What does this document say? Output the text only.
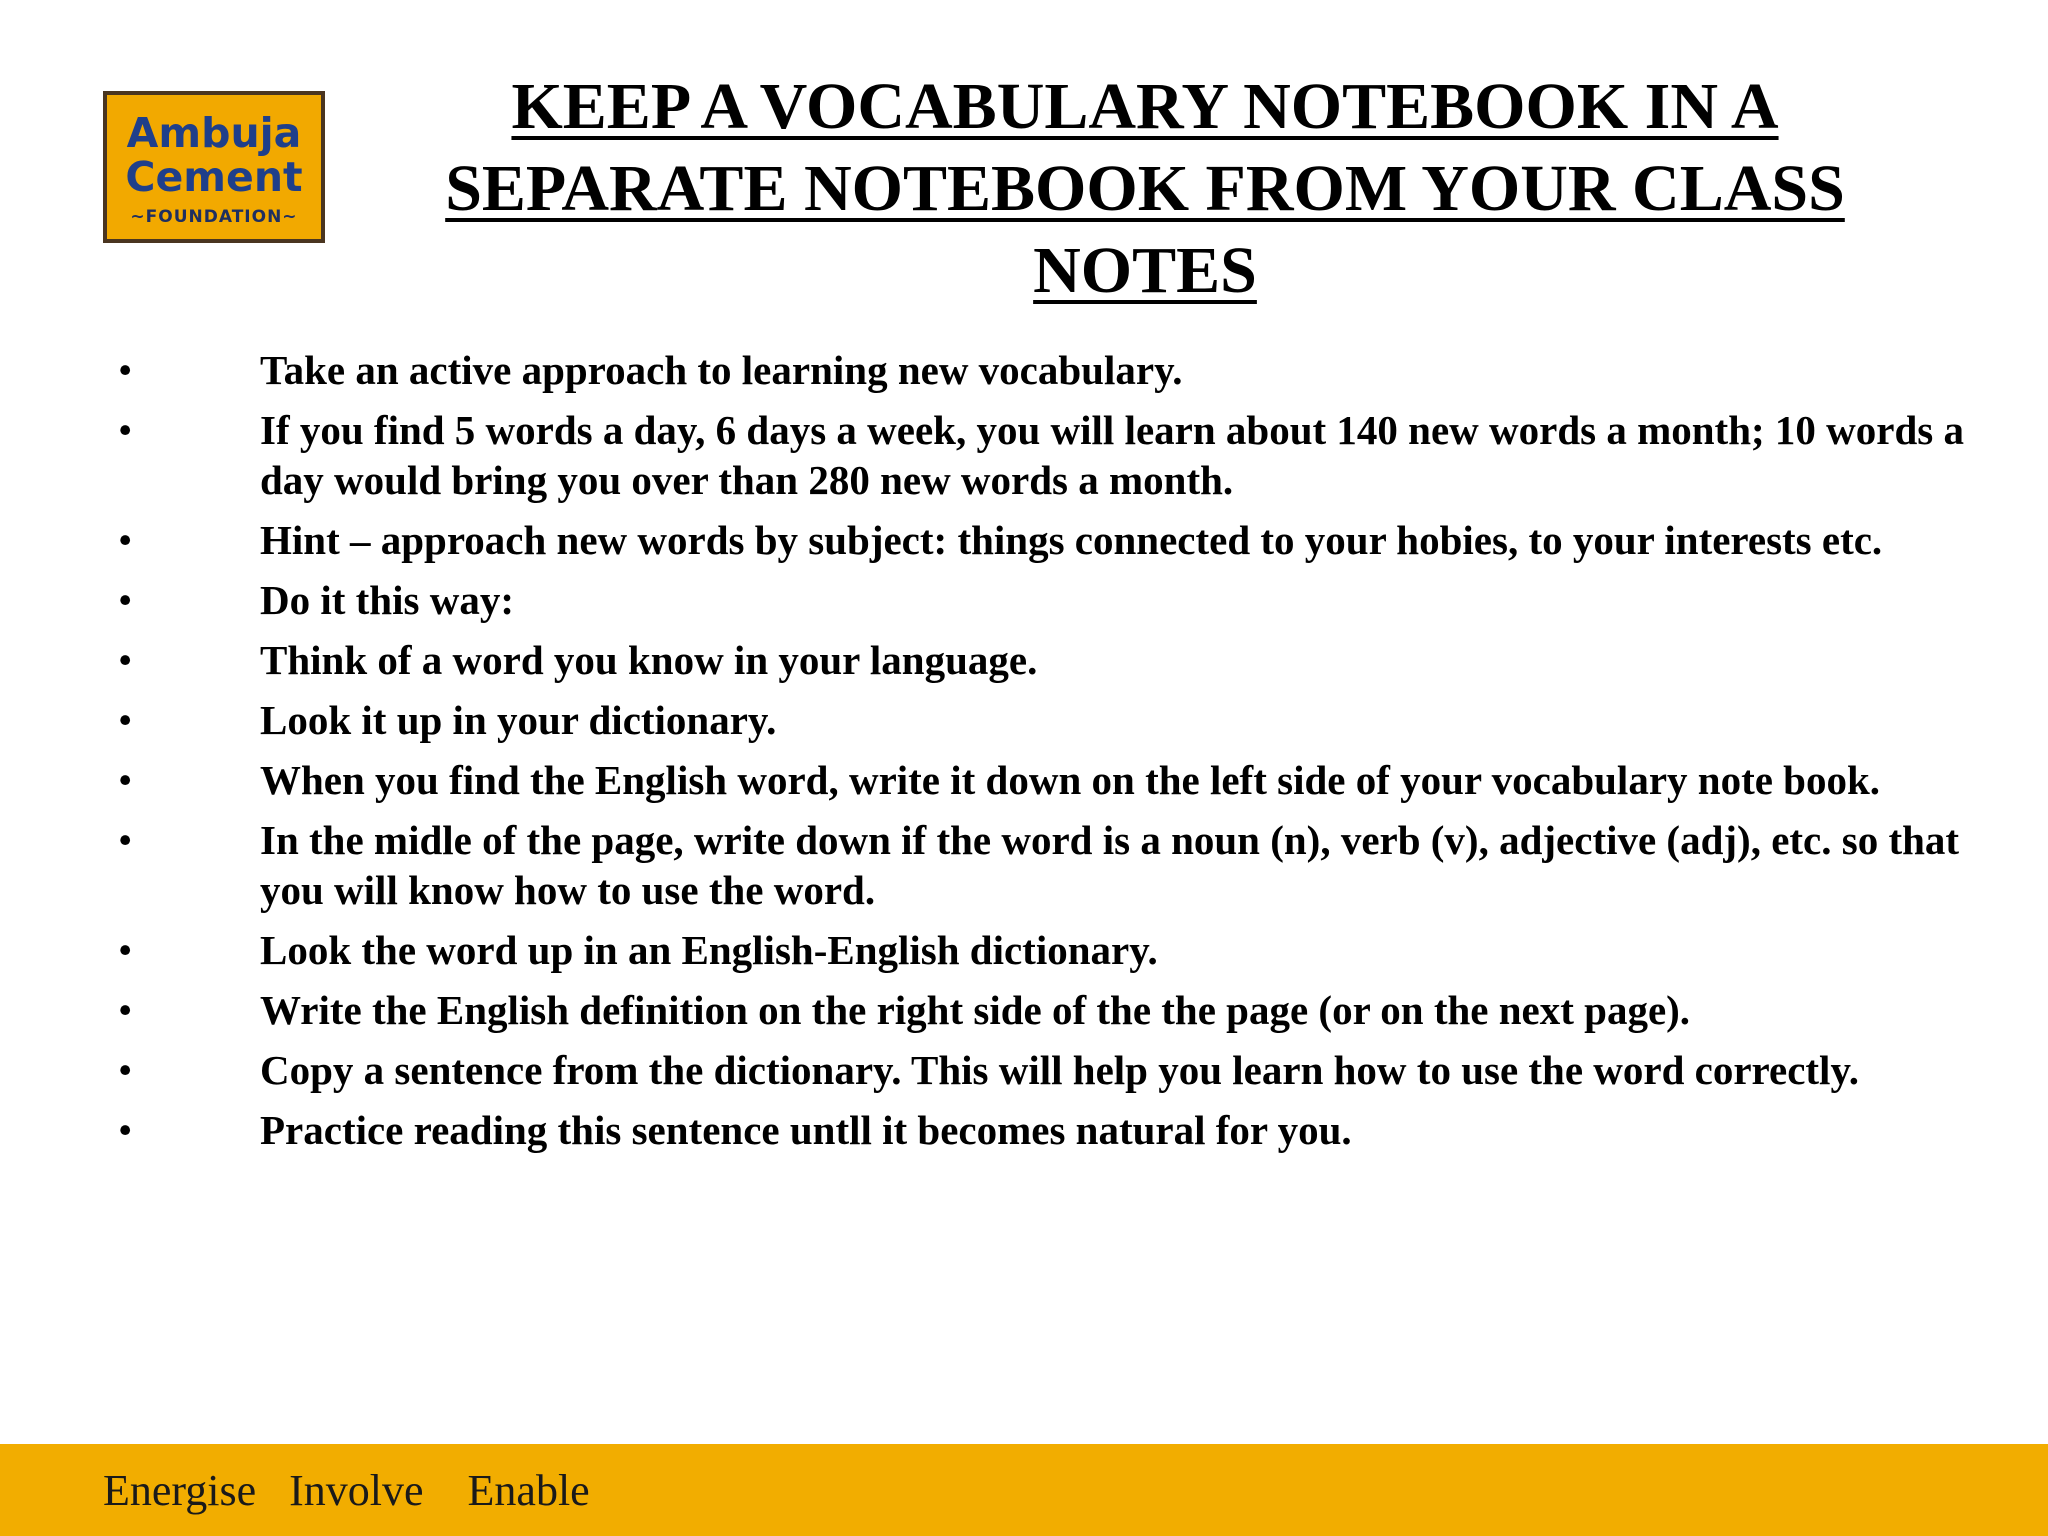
Ambuja
Cement
~FOUNDATION~
KEEP A VOCABULARY NOTEBOOK IN A SEPARATE NOTEBOOK FROM YOUR CLASS NOTES
•	Take an active approach to learning new vocabulary.
•	If you find 5 words a day, 6 days a week, you will learn about 140 new words a month; 10 words a day would bring you over than 280 new words a month.
•	Hint – approach new words by subject: things connected to your hobies, to your interests etc.
•	Do it this way:
•	Think of a word you know in your language.
•	Look it up in your dictionary.
•	When you find the English word, write it down on the left side of your vocabulary note book.
•	In the midle of the page, write down if the word is a noun (n), verb (v), adjective (adj), etc. so that you will know how to use the word.
•	Look the word up in an English-English dictionary.
•	Write the English definition on the right side of the the page (or on the next page).
•	Copy a sentence from the dictionary. This will help you learn how to use the word correctly.
•	Practice reading this sentence untll it becomes natural for you.
Energise   Involve    Enable
